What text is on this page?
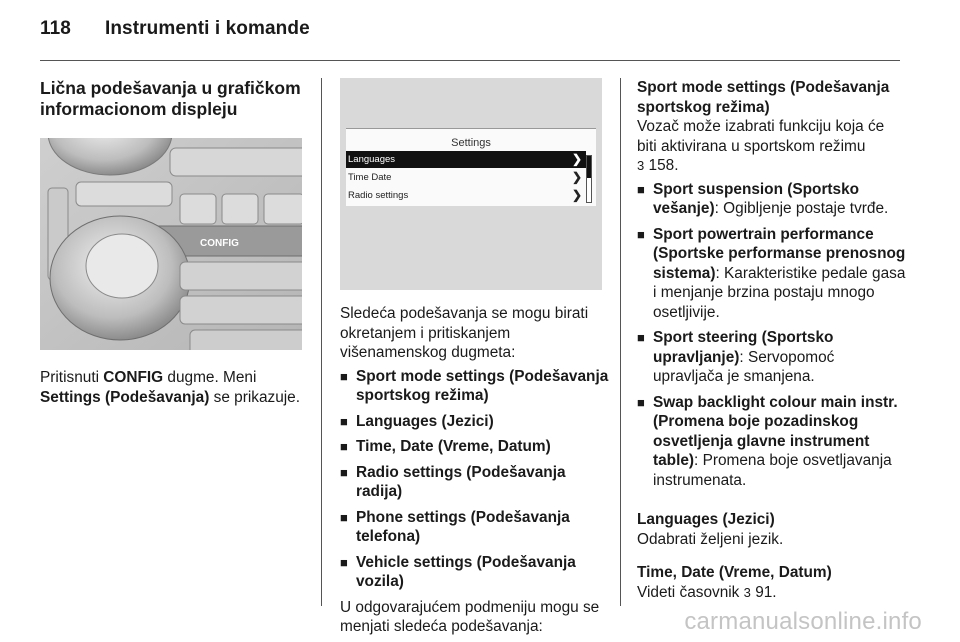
118 Instrumenti i komande
Lična podešavanja u grafičkom informacionom displeju
CONFIG

Pritisnuti CONFIG dugme. Meni Settings (Podešavanja) se prikazuje.

Settings
Languages	❯
Time Date	❯
Radio settings	❯

Sledeća podešavanja se mogu birati okretanjem i pritiskanjem višenamenskog dugmeta:

■ Sport mode settings (Podešavanja sportskog režima)
■ Languages (Jezici)
■ Time, Date (Vreme, Datum)
■ Radio settings (Podešavanja radija)
■ Phone settings (Podešavanja telefona)
■ Vehicle settings (Podešavanja vozila)

U odgovarajućem podmeniju mogu se menjati sledeća podešavanja:

Sport mode settings (Podešavanja sportskog režima)

Vozač može izabrati funkciju koja će biti aktivirana u sportskom režimu
3 158.

■ Sport suspension (Sportsko vešanje): Ogibljenje postaje tvrđe.
■ Sport powertrain performance (Sportske performanse prenosnog sistema): Karakteristike pedale gasa i menjanje brzina postaju mnogo osetljivije.
■ Sport steering (Sportsko upravljanje): Servopomoć upravljača je smanjena.
■ Swap backlight colour main instr. (Promena boje pozadinskog osvetljenja glavne instrument table): Promena boje osvetljavanja instrumenata.

Languages (Jezici)

Odabrati željeni jezik.

Time, Date (Vreme, Datum)

Videti časovnik 3 91.

carmanualsonline.info
